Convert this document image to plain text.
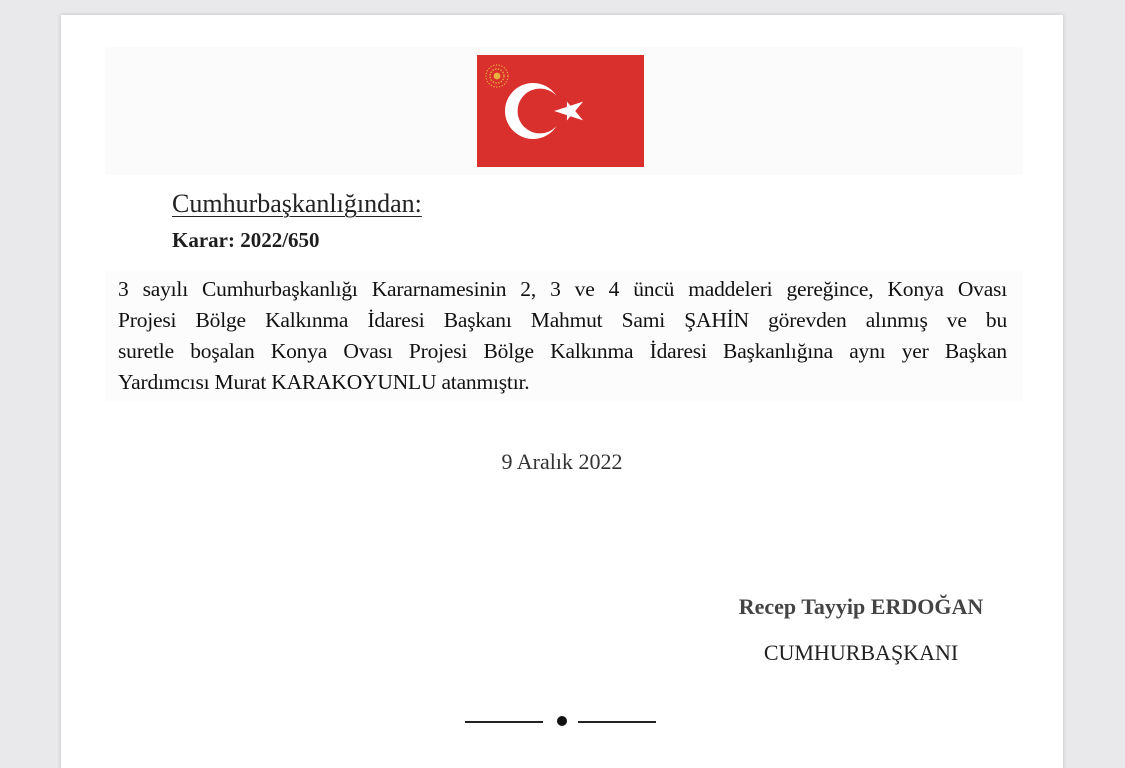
Cumhurbaşkanlığından:
Karar: 2022/650
3 sayılı Cumhurbaşkanlığı Kararnamesinin 2, 3 ve 4 üncü maddeleri gereğince, Konya Ovası
Projesi Bölge Kalkınma İdaresi Başkanı Mahmut Sami ŞAHİN görevden alınmış ve bu
suretle boşalan Konya Ovası Projesi Bölge Kalkınma İdaresi Başkanlığına aynı yer Başkan
Yardımcısı Murat KARAKOYUNLU atanmıştır.
9 Aralık 2022
Recep Tayyip ERDOĞAN
CUMHURBAŞKANI
